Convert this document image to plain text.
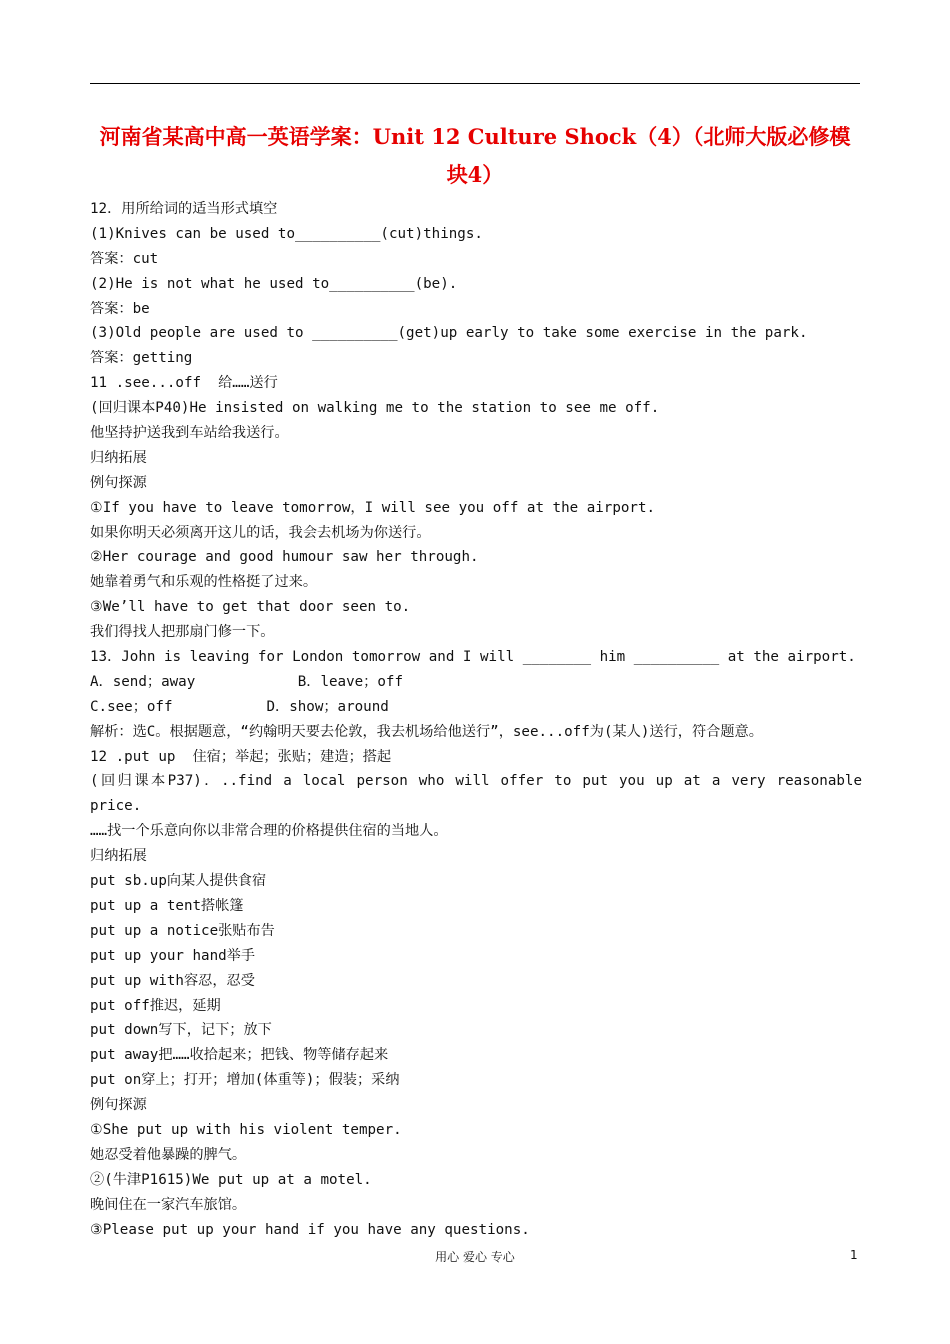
河南省某高中高一英语学案：Unit 12 Culture Shock（4）（北师大版必修模块4）
12．用所给词的适当形式填空
(1)Knives can be used to__________(cut)things.
答案：cut
(2)He is not what he used to__________(be).
答案：be
(3)Old people are used to __________(get)up early to take some exercise in the park.
答案：getting
11 .see...off  给……送行
(回归课本P40)He insisted on walking me to the station to see me off.
他坚持护送我到车站给我送行。
归纳拓展
例句探源
①If you have to leave tomorrow，I will see you off at the airport.
如果你明天必须离开这儿的话，我会去机场为你送行。
②Her courage and good humour saw her through.
她靠着勇气和乐观的性格挺了过来。
③We’ll have to get that door seen to.
我们得找人把那扇门修一下。
13．John is leaving for London tomorrow and I will ________ him __________ at the airport.
A．send；away            B．leave；off
C.see；off           D．show；around
解析：选C。根据题意，“约翰明天要去伦敦，我去机场给他送行”，see...off为(某人)送行，符合题意。
12 .put up  住宿；举起；张贴；建造；搭起
(回归课本P37)．..find a local person who will offer to put you up at a very reasonable
price.
……找一个乐意向你以非常合理的价格提供住宿的当地人。
归纳拓展
put sb.up向某人提供食宿
put up a tent搭帐篷
put up a notice张贴布告
put up your hand举手
put up with容忍，忍受
put off推迟，延期
put down写下，记下；放下
put away把……收拾起来；把钱、物等储存起来
put on穿上；打开；增加(体重等)；假装；采纳
例句探源
①She put up with his violent temper.
她忍受着他暴躁的脾气。
②(牛津P1615)We put up at a motel.
晚间住在一家汽车旅馆。
③Please put up your hand if you have any questions.
用心 爱心 专心	1
